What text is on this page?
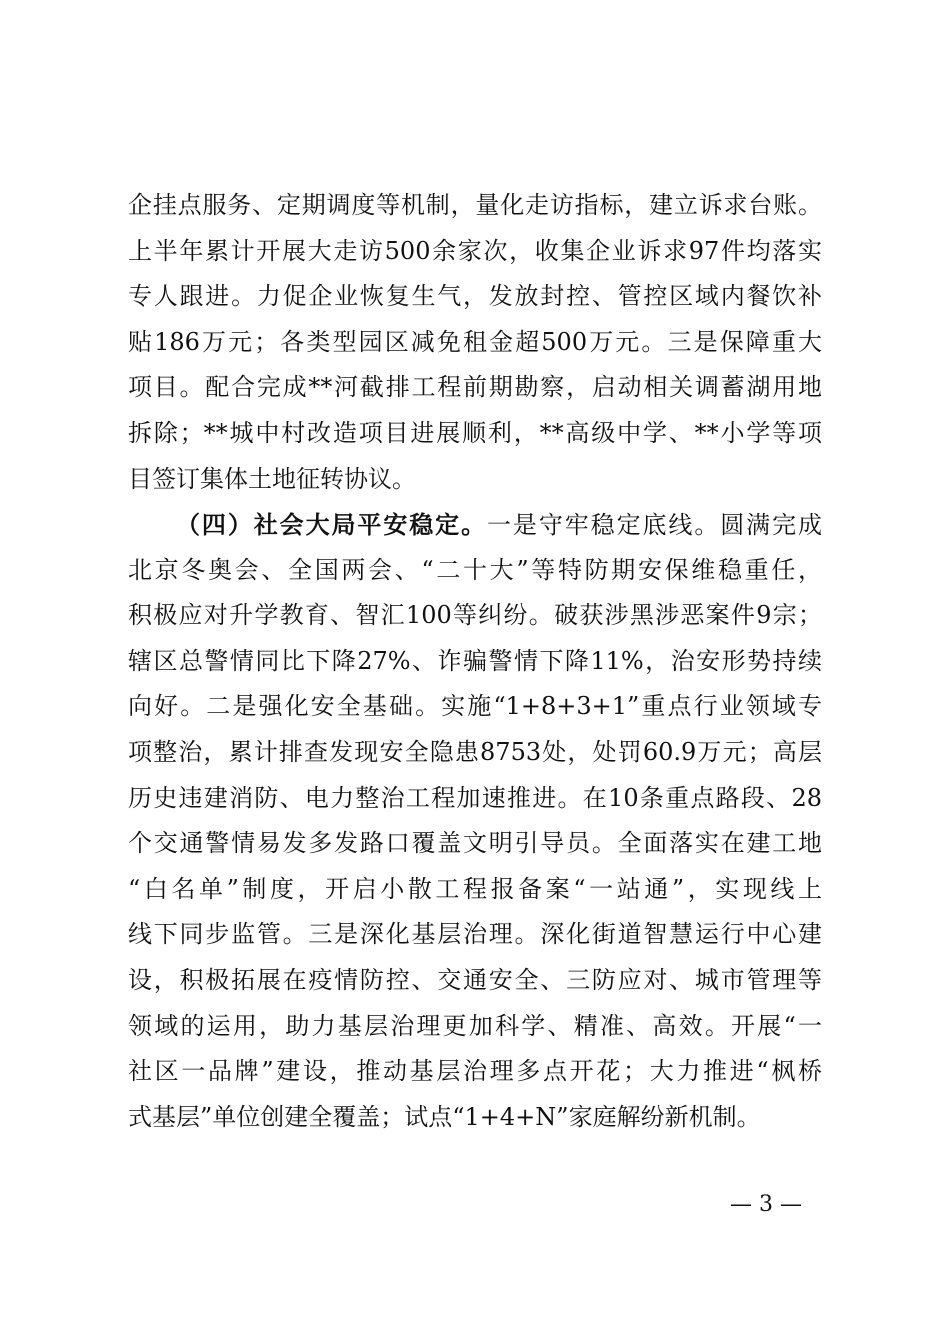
企挂点服务、定期调度等机制，量化走访指标，建立诉求台账。
上半年累计开展大走访500余家次，收集企业诉求97件均落实
专人跟进。力促企业恢复生气，发放封控、管控区域内餐饮补
贴186万元；各类型园区减免租金超500万元。三是保障重大
项目。配合完成**河截排工程前期勘察，启动相关调蓄湖用地
拆除；**城中村改造项目进展顺利，**高级中学、**小学等项
目签订集体土地征转协议。
（四）社会大局平安稳定。一是守牢稳定底线。圆满完成
北京冬奥会、全国两会、“二十大”等特防期安保维稳重任，
积极应对升学教育、智汇100等纠纷。破获涉黑涉恶案件9宗；
辖区总警情同比下降27%、诈骗警情下降11%，治安形势持续
向好。二是强化安全基础。实施“1+8+3+1”重点行业领域专
项整治，累计排查发现安全隐患8753处，处罚60.9万元；高层
历史违建消防、电力整治工程加速推进。在10条重点路段、28
个交通警情易发多发路口覆盖文明引导员。全面落实在建工地
“白名单”制度，开启小散工程报备案“一站通”，实现线上
线下同步监管。三是深化基层治理。深化街道智慧运行中心建
设，积极拓展在疫情防控、交通安全、三防应对、城市管理等
领域的运用，助力基层治理更加科学、精准、高效。开展“一
社区一品牌”建设，推动基层治理多点开花；大力推进“枫桥
式基层”单位创建全覆盖；试点“1+4+N”家庭解纷新机制。
— 3 —
